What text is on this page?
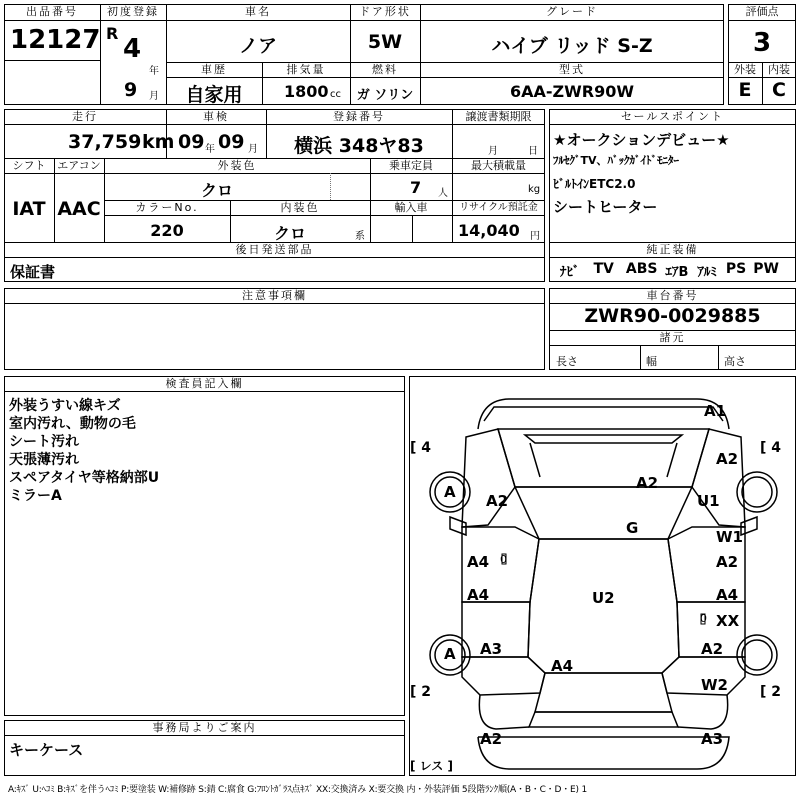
出品番号
12127
初度登録
R
4
年
9 月
車名
ノア
ドア形状
5W
グレード
ハイブ リッド S-Z
車歴
自家用
排気量
1800 cc
燃料
ガ ソリン
型式
6AA-ZWR90W
評価点
3
外装	内装
E	C
走行
37,759 km
車検
09 年 09 月
登録番号
横浜 348ヤ83
譲渡書類期限
月	日
シフト
IAT
エアコン
AAC
外装色
クロ
乗車定員
7 人
最大積載量
kg
カラーNo.
220
内装色
クロ	系
輸入車	リサイクル預託金
14,040 円
後日発送部品
保証書
セールスポイント
★オークションデビュー★
ﾌﾙｾｸﾞTV、ﾊﾞｯｸｶﾞｲﾄﾞﾓﾆﾀｰ
ﾋﾞﾙﾄｲﾝETC2.0
シートヒーター
純正装備
ﾅﾋﾞ TV ABS ｴｱB ｱﾙﾐ PS PW
注意事項欄	車台番号
ZWR90-0029885
諸元
長さ	幅	高さ
検査員記入欄
外装うすい線キズ
室内汚れ、動物の毛
シート汚れ
天張薄汚れ
スペアタイヤ等格納部U
ミラーA
事務局よりご案内
キーケース
[ 4	[ 4
[ 2	[ 2
[ レス ]
A1
A2
A2
A2	U1
G	W1
A4 0	A2
A4	U2	A4
0 XX
A3	A2
A4
W2
A2	A3
A
A
A:ｷｽﾞ U:ﾍｺﾐ B:ｷｽﾞを伴うﾍｺﾐ P:要塗装 W:補修跡 S:錆 C:腐食 G:ﾌﾛﾝﾄｶﾞﾗｽ点ｷｽﾞ XX:交換済み X:要交換 内・外装評価 5段階ﾗﾝｸ順(A・B・C・D・E) 1
